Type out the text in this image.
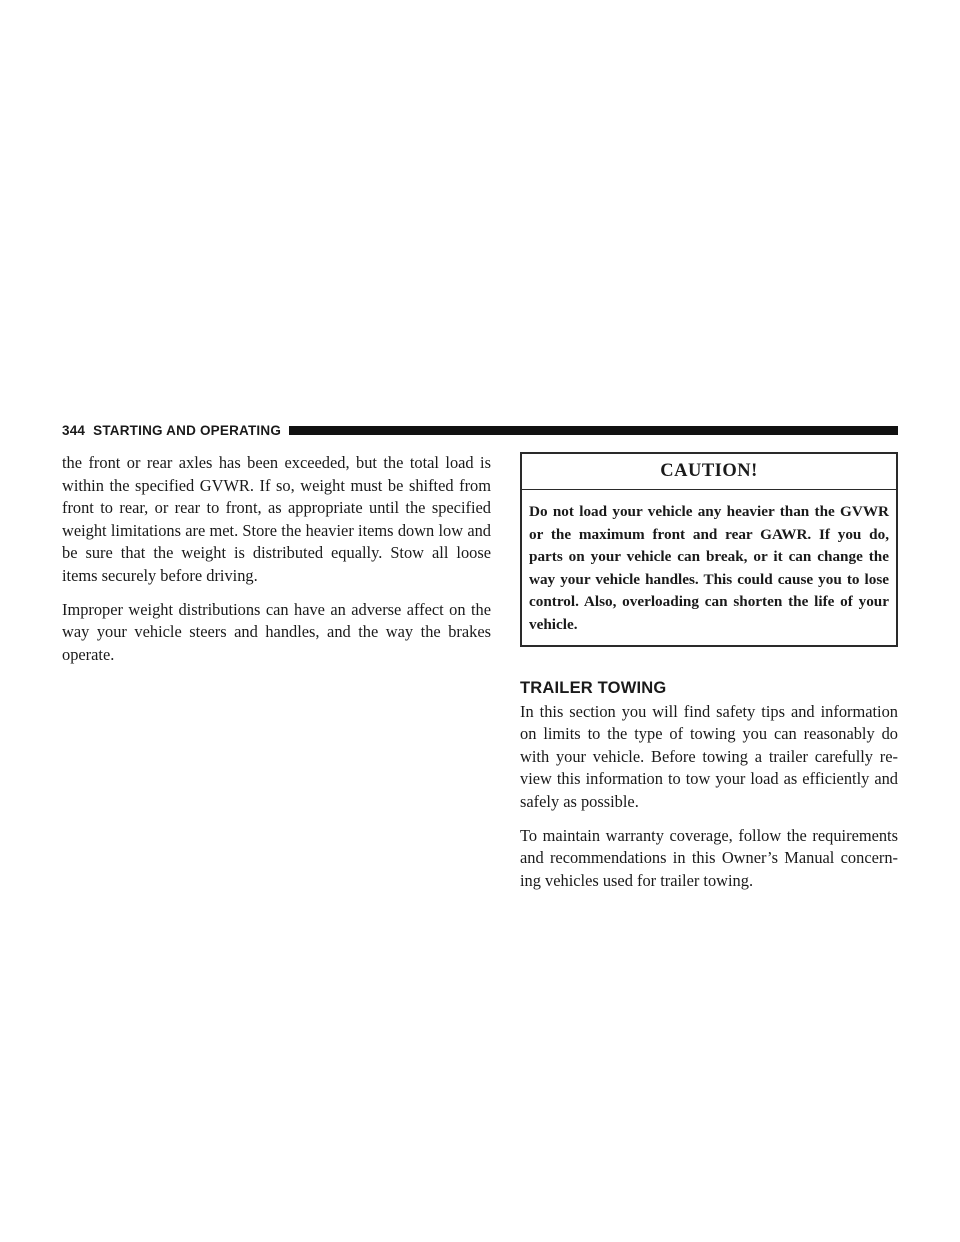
344 STARTING AND OPERATING

the front or rear axles has been exceeded, but the total load is within the specified GVWR. If so, weight must be shifted from front to rear, or rear to front, as appropriate until the specified weight limitations are met. Store the heavier items down low and be sure that the weight is distributed equally. Stow all loose items securely before driving.

Improper weight distributions can have an adverse affect on the way your vehicle steers and handles, and the way the brakes operate.

CAUTION!
Do not load your vehicle any heavier than the GVWR or the maximum front and rear GAWR. If you do, parts on your vehicle can break, or it can change the way your vehicle handles. This could cause you to lose control. Also, overloading can shorten the life of your vehicle.
TRAILER TOWING

In this section you will find safety tips and information on limits to the type of towing you can reasonably do with your vehicle. Before towing a trailer carefully re-view this information to tow your load as efficiently and safely as possible.

To maintain warranty coverage, follow the requirements and recommendations in this Owner’s Manual concern-ing vehicles used for trailer towing.
